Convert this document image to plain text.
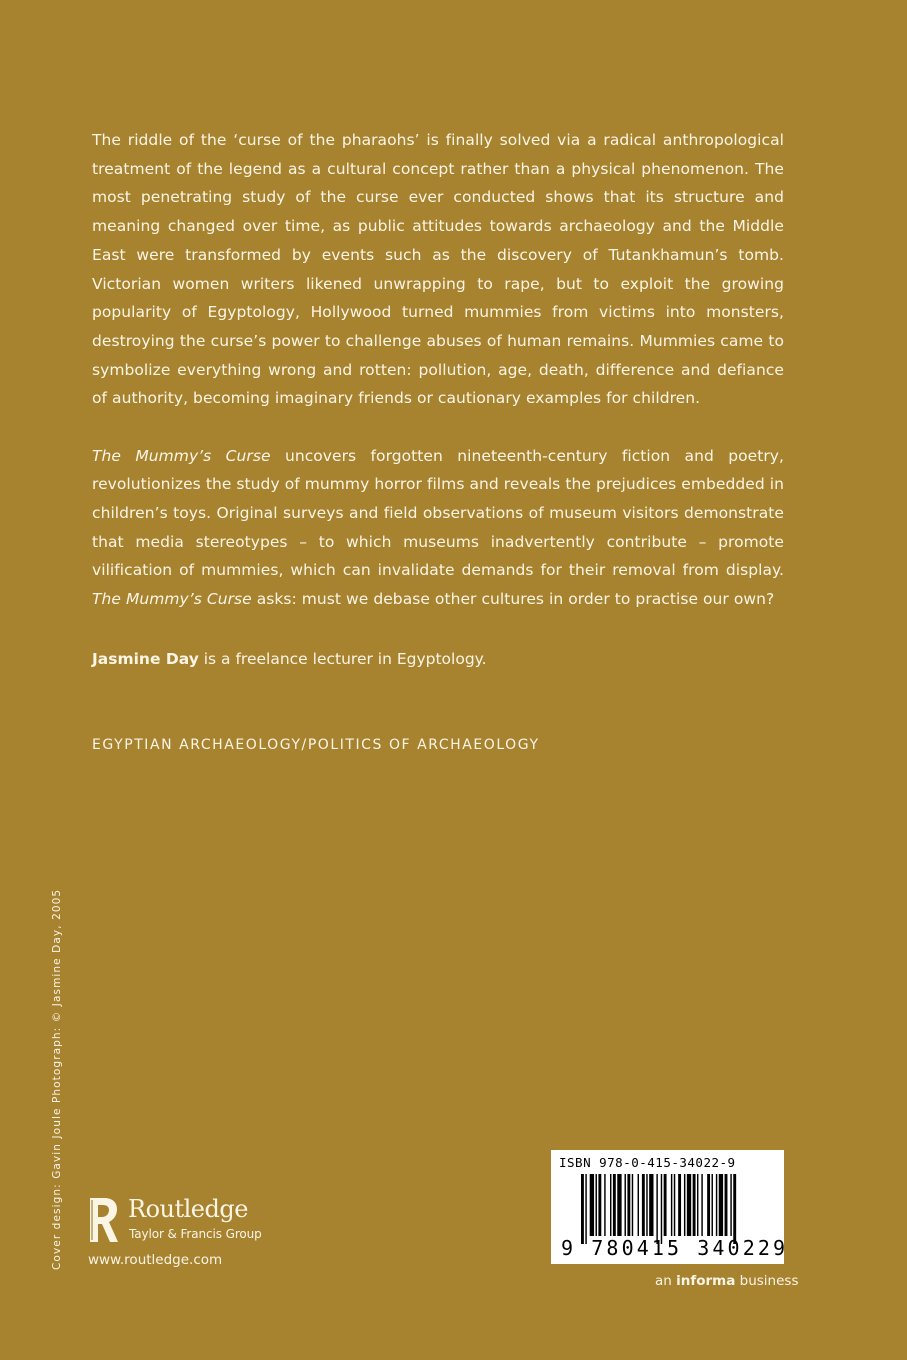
The riddle of the ‘curse of the pharaohs’ is finally solved via a radical anthropological treatment of the legend as a cultural concept rather than a physical phenomenon. The most penetrating study of the curse ever conducted shows that its structure and meaning changed over time, as public attitudes towards archaeology and the Middle East were transformed by events such as the discovery of Tutankhamun’s tomb. Victorian women writers likened unwrapping to rape, but to exploit the growing popularity of Egyptology, Hollywood turned mummies from victims into monsters, destroying the curse’s power to challenge abuses of human remains. Mummies came to symbolize everything wrong and rotten: pollution, age, death, difference and defiance of authority, becoming imaginary friends or cautionary examples for children.

The Mummy’s Curse uncovers forgotten nineteenth-century fiction and poetry, revolutionizes the study of mummy horror films and reveals the prejudices embedded in children’s toys. Original surveys and field observations of museum visitors demonstrate that media stereotypes – to which museums inadvertently contribute – promote vilification of mummies, which can invalidate demands for their removal from display. The Mummy’s Curse asks: must we debase other cultures in order to practise our own?

Jasmine Day is a freelance lecturer in Egyptology.
EGYPTIAN ARCHAEOLOGY/POLITICS OF ARCHAEOLOGY
Cover design: Gavin Joule Photograph: © Jasmine Day, 2005	Routledge
Taylor & Francis Group
www.routledge.com
ISBN 978-0-415-34022-9
9 780415 340229
an informa business
